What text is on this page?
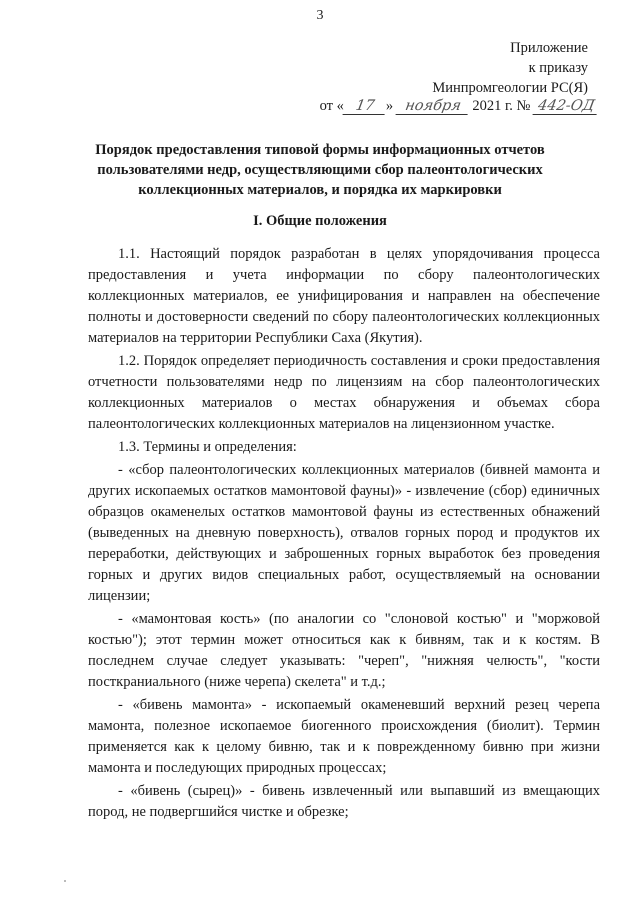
3
Приложение
к приказу
Минпромгеологии РС(Я)
от « 17 » ноября 2021 г. № 442-ОД
Порядок предоставления типовой формы информационных отчетов пользователями недр, осуществляющими сбор палеонтологических коллекционных материалов, и порядка их маркировки
I. Общие положения

1.1. Настоящий порядок разработан в целях упорядочивания процесса предоставления и учета информации по сбору палеонтологических коллекционных материалов, ее унифицирования и направлен на обеспечение полноты и достоверности сведений по сбору палеонтологических коллекционных материалов на территории Республики Саха (Якутия).

1.2. Порядок определяет периодичность составления и сроки предоставления отчетности пользователями недр по лицензиям на сбор палеонтологических коллекционных материалов о местах обнаружения и объемах сбора палеонтологических коллекционных материалов на лицензионном участке.

1.3. Термины и определения:

- «сбор палеонтологических коллекционных материалов (бивней мамонта и других ископаемых остатков мамонтовой фауны)» - извлечение (сбор) единичных образцов окаменелых остатков мамонтовой фауны из естественных обнажений (выведенных на дневную поверхность), отвалов горных пород и продуктов их переработки, действующих и заброшенных горных выработок без проведения горных и других видов специальных работ, осуществляемый на основании лицензии;

- «мамонтовая кость» (по аналогии со "слоновой костью" и "моржовой костью"); этот термин может относиться как к бивням, так и к костям. В последнем случае следует указывать: "череп", "нижняя челюсть", "кости посткраниального (ниже черепа) скелета" и т.д.;

- «бивень мамонта» - ископаемый окаменевший верхний резец черепа мамонта, полезное ископаемое биогенного происхождения (биолит). Термин применяется как к целому бивню, так и к поврежденному бивню при жизни мамонта и последующих природных процессах;

- «бивень (сырец)» - бивень извлеченный или выпавший из вмещающих пород, не подвергшийся чистке и обрезке;
